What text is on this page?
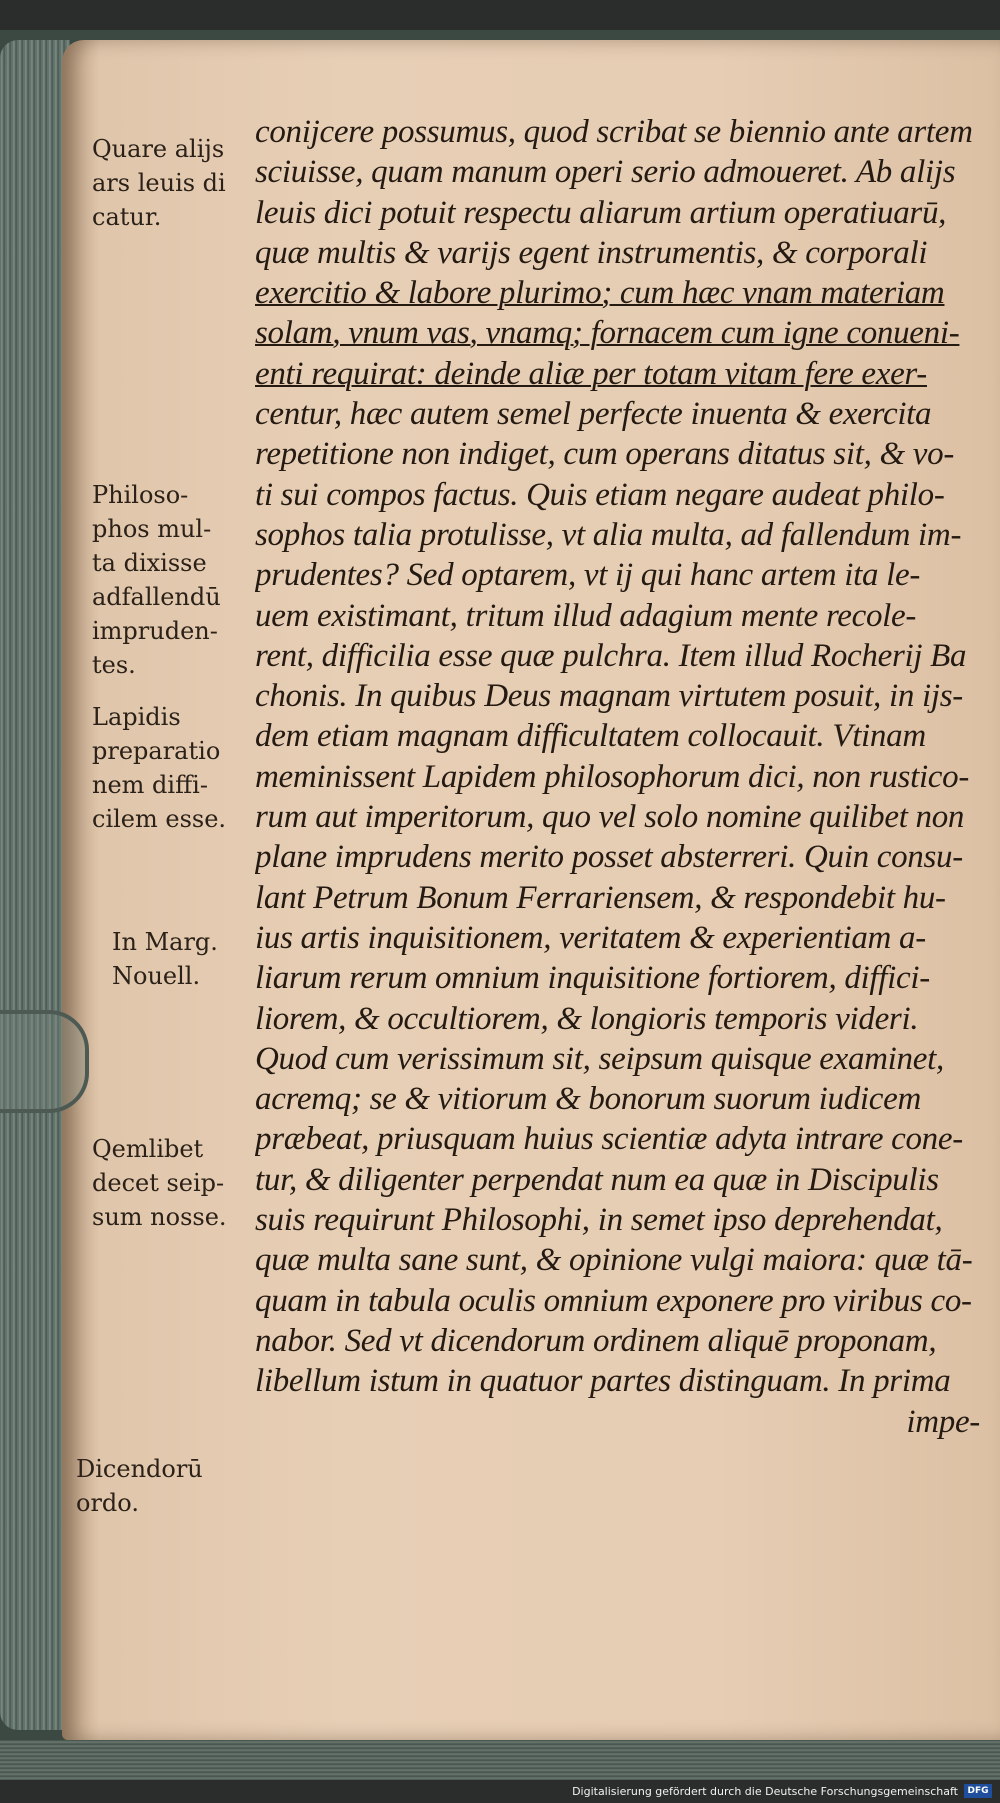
Quare alijs
ars leuis di
catur.
Philoso-
phos mul-
ta dixisse
adfallendū
impruden-
tes.
Lapidis
preparatio
nem diffi-
cilem esse.
In Marg.
Nouell.
Qemlibet
decet seip-
sum nosse.
Dicendorū
ordo.
conijcere possumus, quod scribat se biennio ante artem
sciuisse, quam manum operi serio admoueret. Ab alijs
leuis dici potuit respectu aliarum artium operatiuarū,
quæ multis & varijs egent instrumentis, & corporali
exercitio & labore plurimo; cum hæc vnam materiam
solam, vnum vas, vnamq; fornacem cum igne conueni-
enti requirat: deinde aliæ per totam vitam fere exer-
centur, hæc autem semel perfecte inuenta & exercita
repetitione non indiget, cum operans ditatus sit, & vo-
ti sui compos factus. Quis etiam negare audeat philo-
sophos talia protulisse, vt alia multa, ad fallendum im-
prudentes? Sed optarem, vt ij qui hanc artem ita le-
uem existimant, tritum illud adagium mente recole-
rent, difficilia esse quæ pulchra. Item illud Rocherij Ba
chonis. In quibus Deus magnam virtutem posuit, in ijs-
dem etiam magnam difficultatem collocauit. Vtinam
meminissent Lapidem philosophorum dici, non rustico-
rum aut imperitorum, quo vel solo nomine quilibet non
plane imprudens merito posset absterreri. Quin consu-
lant Petrum Bonum Ferrariensem, & respondebit hu-
ius artis inquisitionem, veritatem & experientiam a-
liarum rerum omnium inquisitione fortiorem, diffici-
liorem, & occultiorem, & longioris temporis videri.
Quod cum verissimum sit, seipsum quisque examinet,
acremq; se & vitiorum & bonorum suorum iudicem
præbeat, priusquam huius scientiæ adyta intrare cone-
tur, & diligenter perpendat num ea quæ in Discipulis
suis requirunt Philosophi, in semet ipso deprehendat,
quæ multa sane sunt, & opinione vulgi maiora: quæ tā-
quam in tabula oculis omnium exponere pro viribus co-
nabor. Sed vt dicendorum ordinem aliquē proponam,
libellum istum in quatuor partes distinguam. In prima
impe-
Digitalisierung gefördert durch die Deutsche Forschungsgemeinschaft	DFG
